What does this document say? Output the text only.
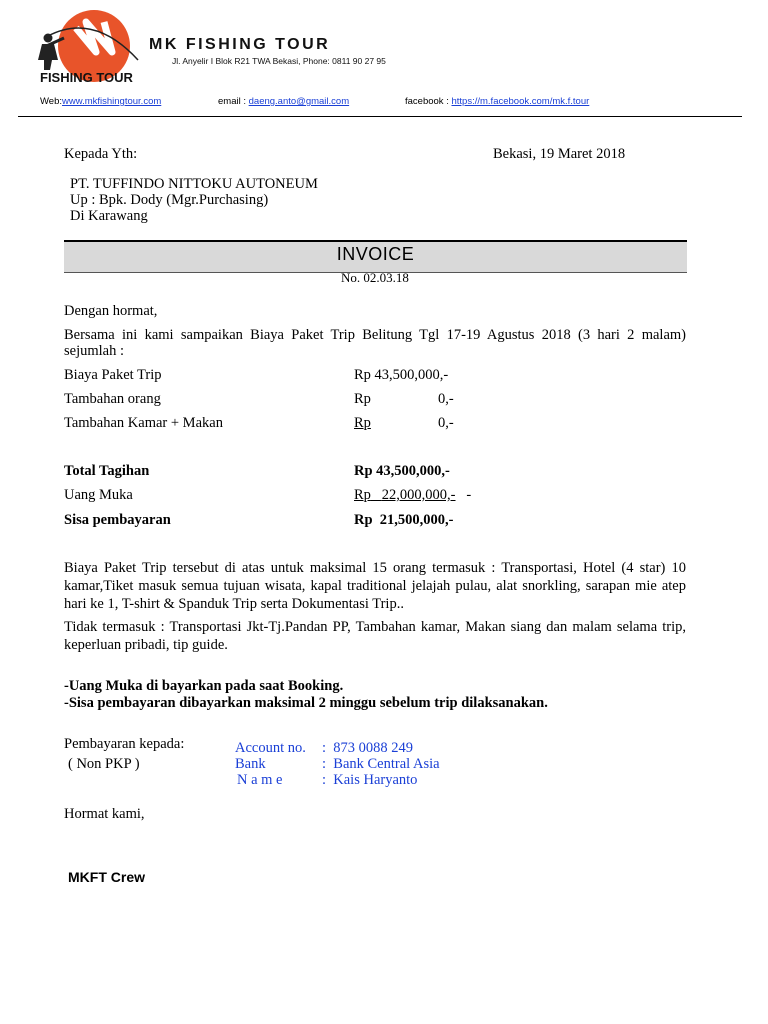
FISHING TOUR
MK FISHING TOUR
Jl. Anyelir I Blok R21 TWA Bekasi, Phone: 0811 90 27 95
Web:www.mkfishingtour.com	email : daeng.anto@gmail.com	facebook : https://m.facebook.com/mk.f.tour
Kepada Yth:	Bekasi, 19 Maret 2018
PT. TUFFINDO NITTOKU AUTONEUM
Up : Bpk. Dody (Mgr.Purchasing)
Di Karawang
INVOICE
No. 02.03.18
Dengan hormat,
Bersama ini kami sampaikan Biaya Paket Trip Belitung Tgl 17-19 Agustus 2018 (3 hari 2 malam) sejumlah :
Biaya Paket Trip	Rp 43,500,000,-
Tambahan orang	Rp	0,-
Tambahan Kamar + Makan	Rp	0,-
Total Tagihan	Rp 43,500,000,-
Uang Muka	Rp 22,000,000,- -
Sisa pembayaran	Rp  21,500,000,-
Biaya Paket Trip tersebut di atas untuk maksimal 15 orang termasuk : Transportasi, Hotel (4 star) 10 kamar,Tiket masuk semua tujuan wisata, kapal traditional jelajah pulau, alat snorkling, sarapan mie atep hari ke 1, T-shirt & Spanduk Trip serta Dokumentasi Trip..
Tidak termasuk : Transportasi Jkt-Tj.Pandan PP, Tambahan kamar, Makan siang dan malam selama trip, keperluan pribadi, tip guide.
-Uang Muka di bayarkan pada saat Booking.
-Sisa pembayaran dibayarkan maksimal 2 minggu sebelum trip dilaksanakan.
Pembayaran kepada:
( Non PKP )
Account no. :  873 0088 249
Bank	:  Bank Central Asia
N a m e	:  Kais Haryanto
Hormat kami,
MKFT Crew
